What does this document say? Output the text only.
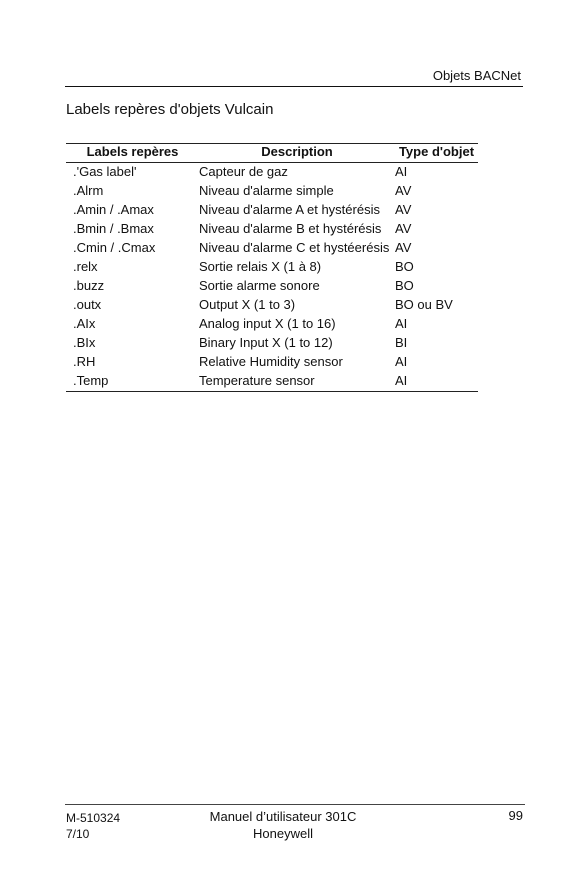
Objets BACNet
Labels repères d'objets Vulcain
Labels repères	Description	Type d'objet
.'Gas label'	Capteur de gaz	AI
.Alrm	Niveau d'alarme simple	AV
.Amin / .Amax	Niveau d'alarme A et hystérésis	AV
.Bmin / .Bmax	Niveau d'alarme B et hystérésis	AV
.Cmin / .Cmax	Niveau d'alarme C et hystéerésis	AV
.relx	Sortie relais X (1 à 8)	BO
.buzz	Sortie alarme sonore	BO
.outx	Output X (1 to 3)	BO ou BV
.AIx	Analog input X (1 to 16)	AI
.BIx	Binary Input X (1 to 12)	BI
.RH	Relative Humidity sensor	AI
.Temp	Temperature sensor	AI
M-510324
7/10
Manuel d’utilisateur 301C
Honeywell
99
